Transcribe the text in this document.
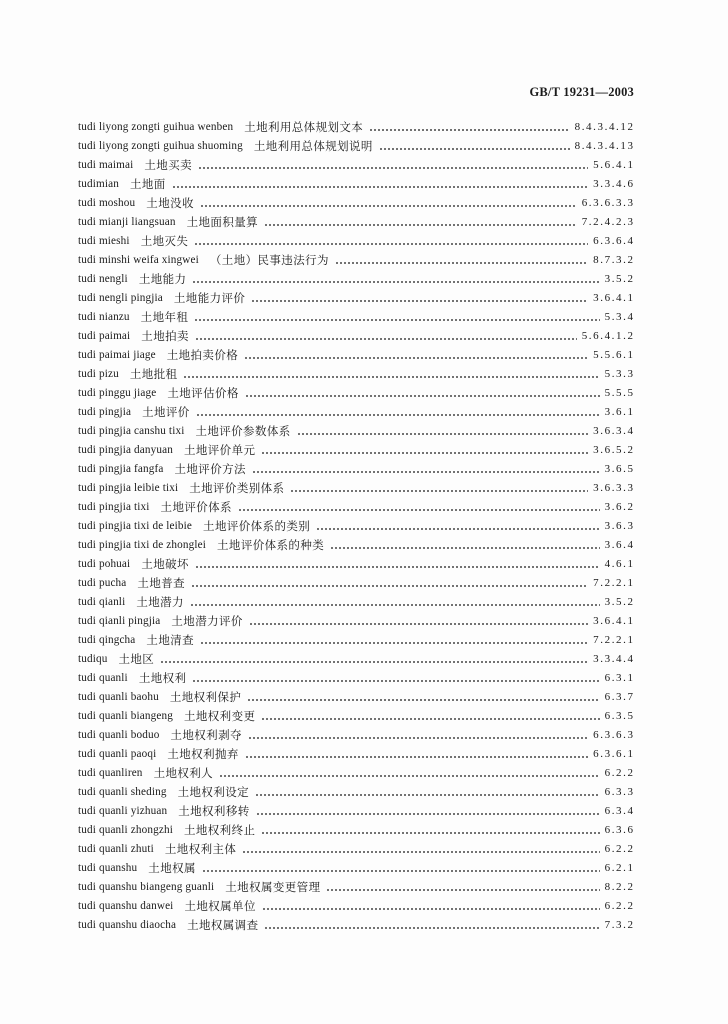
GB/T 19231—2003
tudi liyong zongti guihua wenben 土地利用总体规划文本	8.4.3.4.12
tudi liyong zongti guihua shuoming 土地利用总体规划说明	8.4.3.4.13
tudi maimai 土地买卖	5.6.4.1
tudimian 土地面	3.3.4.6
tudi moshou 土地没收	6.3.6.3.3
tudi mianji liangsuan 土地面积量算	7.2.4.2.3
tudi mieshi 土地灭失	6.3.6.4
tudi minshi weifa xingwei （土地）民事违法行为	8.7.3.2
tudi nengli 土地能力	3.5.2
tudi nengli pingjia 土地能力评价	3.6.4.1
tudi nianzu 土地年租	5.3.4
tudi paimai 土地拍卖	5.6.4.1.2
tudi paimai jiage 土地拍卖价格	5.5.6.1
tudi pizu 土地批租	5.3.3
tudi pinggu jiage 土地评估价格	5.5.5
tudi pingjia 土地评价	3.6.1
tudi pingjia canshu tixi 土地评价参数体系	3.6.3.4
tudi pingjia danyuan 土地评价单元	3.6.5.2
tudi pingjia fangfa 土地评价方法	3.6.5
tudi pingjia leibie tixi 土地评价类别体系	3.6.3.3
tudi pingjia tixi 土地评价体系	3.6.2
tudi pingjia tixi de leibie 土地评价体系的类别	3.6.3
tudi pingjia tixi de zhonglei 土地评价体系的种类	3.6.4
tudi pohuai 土地破坏	4.6.1
tudi pucha 土地普查	7.2.2.1
tudi qianli 土地潜力	3.5.2
tudi qianli pingjia 土地潜力评价	3.6.4.1
tudi qingcha 土地清查	7.2.2.1
tudiqu 土地区	3.3.4.4
tudi quanli 土地权利	6.3.1
tudi quanli baohu 土地权利保护	6.3.7
tudi quanli biangeng 土地权利变更	6.3.5
tudi quanli boduo 土地权利剥夺	6.3.6.3
tudi quanli paoqi 土地权利抛弃	6.3.6.1
tudi quanliren 土地权利人	6.2.2
tudi quanli sheding 土地权利设定	6.3.3
tudi quanli yizhuan 土地权利移转	6.3.4
tudi quanli zhongzhi 土地权利终止	6.3.6
tudi quanli zhuti 土地权利主体	6.2.2
tudi quanshu 土地权属	6.2.1
tudi quanshu biangeng guanli 土地权属变更管理	8.2.2
tudi quanshu danwei 土地权属单位	6.2.2
tudi quanshu diaocha 土地权属调查	7.3.2
